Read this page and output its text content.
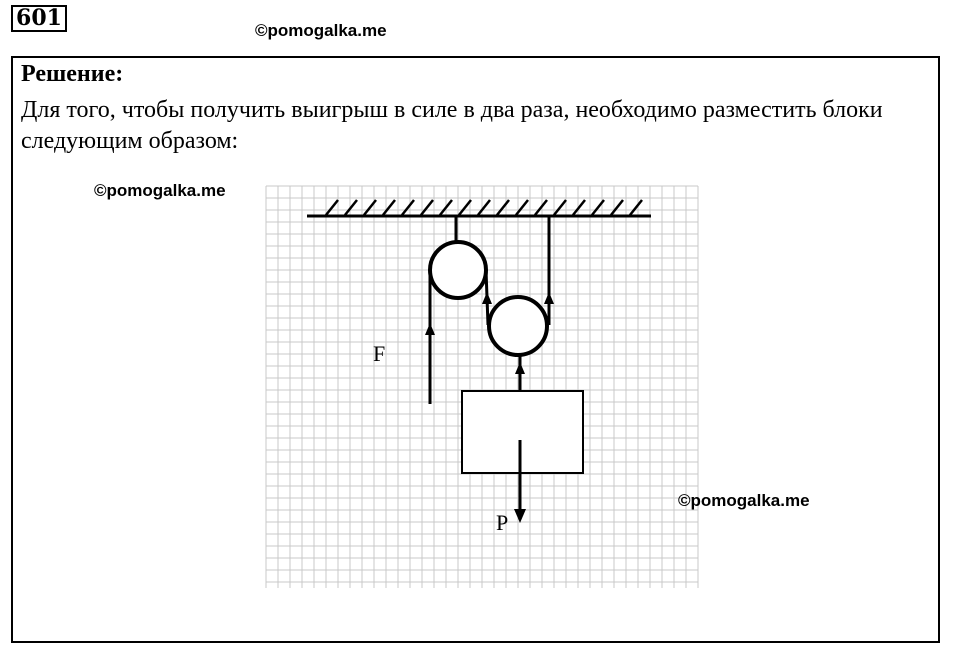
601	©pomogalka.me
Решение:
Для того, чтобы получить выигрыш в силе в два раза, необходимо разместить блоки следующим образом:
F
P
©pomogalka.me
©pomogalka.me
